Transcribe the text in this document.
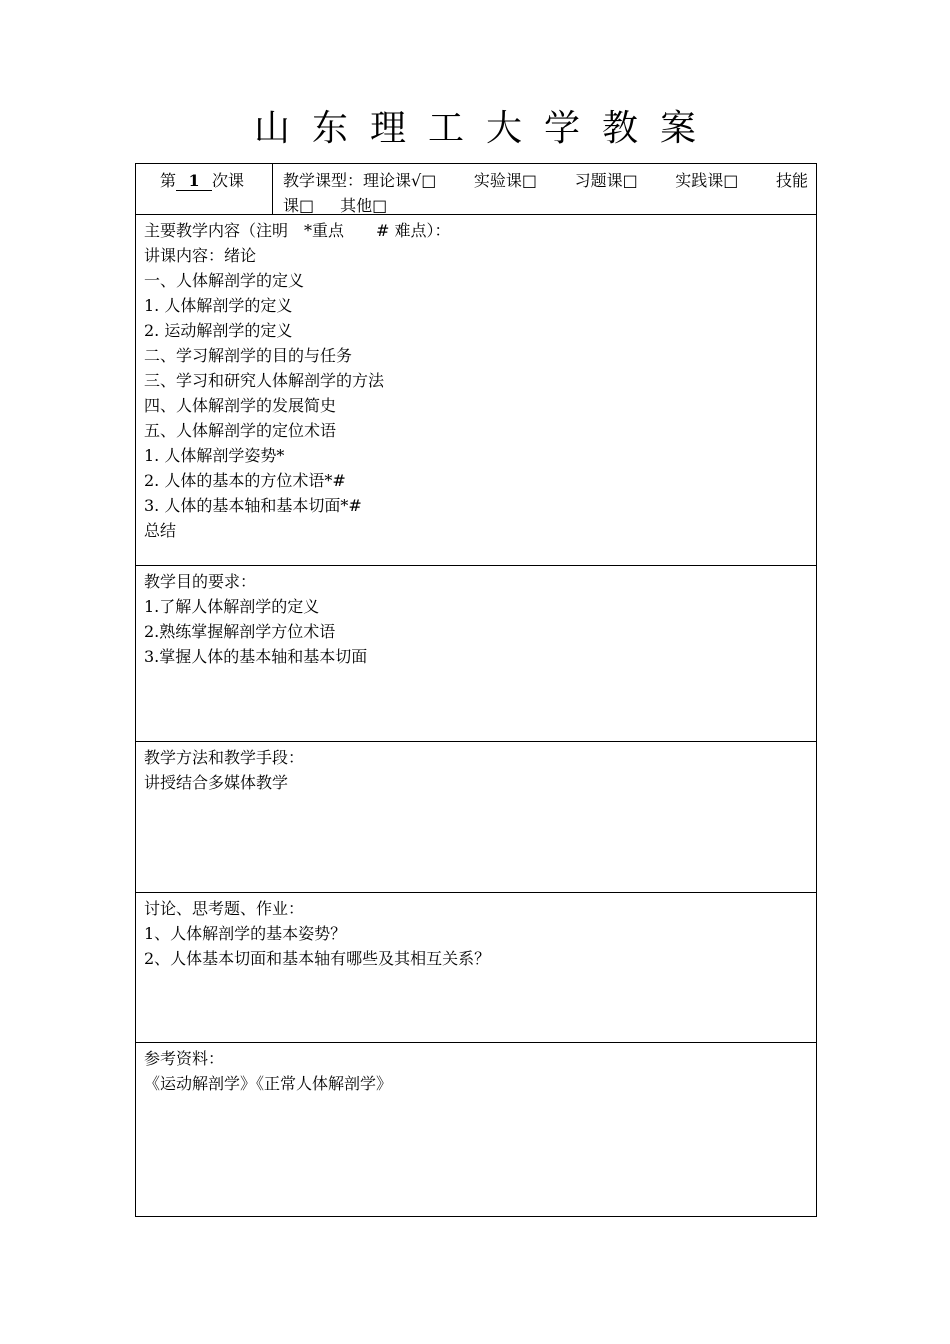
山东理工大学教案
第 1 次课	教学课型：理论课√□ 实验课□ 习题课□ 实践课□ 技能
课□ 其他□
主要教学内容（注明　*重点　　# 难点）：
讲课内容：绪论
一、人体解剖学的定义
1. 人体解剖学的定义
2. 运动解剖学的定义
二、学习解剖学的目的与任务
三、学习和研究人体解剖学的方法
四、人体解剖学的发展简史
五、人体解剖学的定位术语
1. 人体解剖学姿势*
2. 人体的基本的方位术语*#
3. 人体的基本轴和基本切面*#
总结
教学目的要求：
1.了解人体解剖学的定义
2.熟练掌握解剖学方位术语
3.掌握人体的基本轴和基本切面
教学方法和教学手段：
讲授结合多媒体教学
讨论、思考题、作业：
1、人体解剖学的基本姿势？
2、人体基本切面和基本轴有哪些及其相互关系？
参考资料：
《运动解剖学》《正常人体解剖学》
